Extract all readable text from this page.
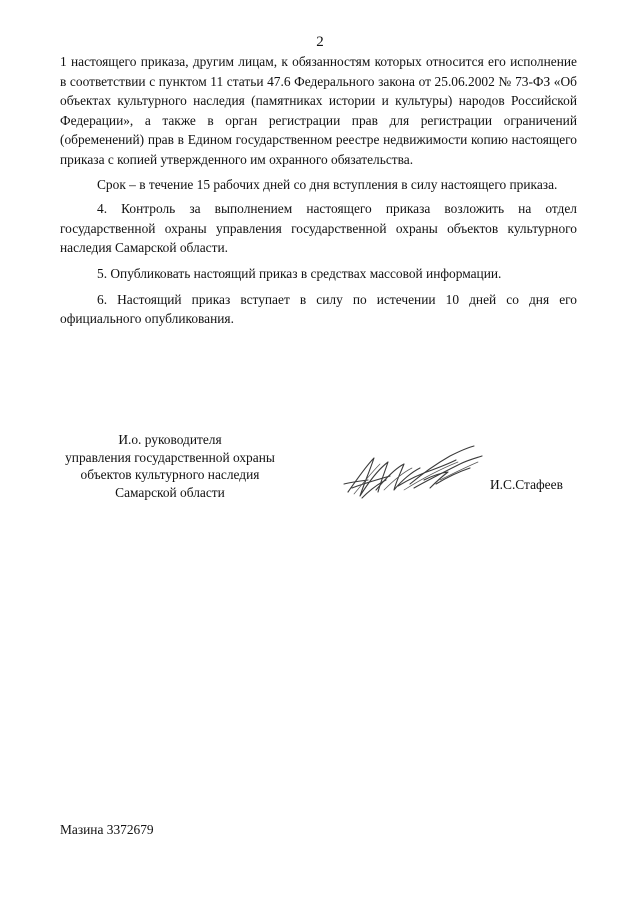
2

1 настоящего приказа, другим лицам, к обязанностям которых относится его исполнение в соответствии с пунктом 11 статьи 47.6 Федерального закона от 25.06.2002 № 73-ФЗ «Об объектах культурного наследия (памятниках истории и культуры) народов Российской Федерации», а также в орган регистрации прав для регистрации ограничений (обременений) прав в Едином государственном реестре недвижимости копию настоящего приказа с копией утвержденного им охранного обязательства.

Срок – в течение 15 рабочих дней со дня вступления в силу настоящего приказа.

4. Контроль за выполнением настоящего приказа возложить на отдел государственной охраны управления государственной охраны объектов культурного наследия Самарской области.

5. Опубликовать настоящий приказ в средствах массовой информации.

6. Настоящий приказ вступает в силу по истечении 10 дней со дня его официального опубликования.

И.о. руководителя
управления государственной охраны
объектов культурного наследия
Самарской области	И.С.Стафеев
Мазина 3372679
